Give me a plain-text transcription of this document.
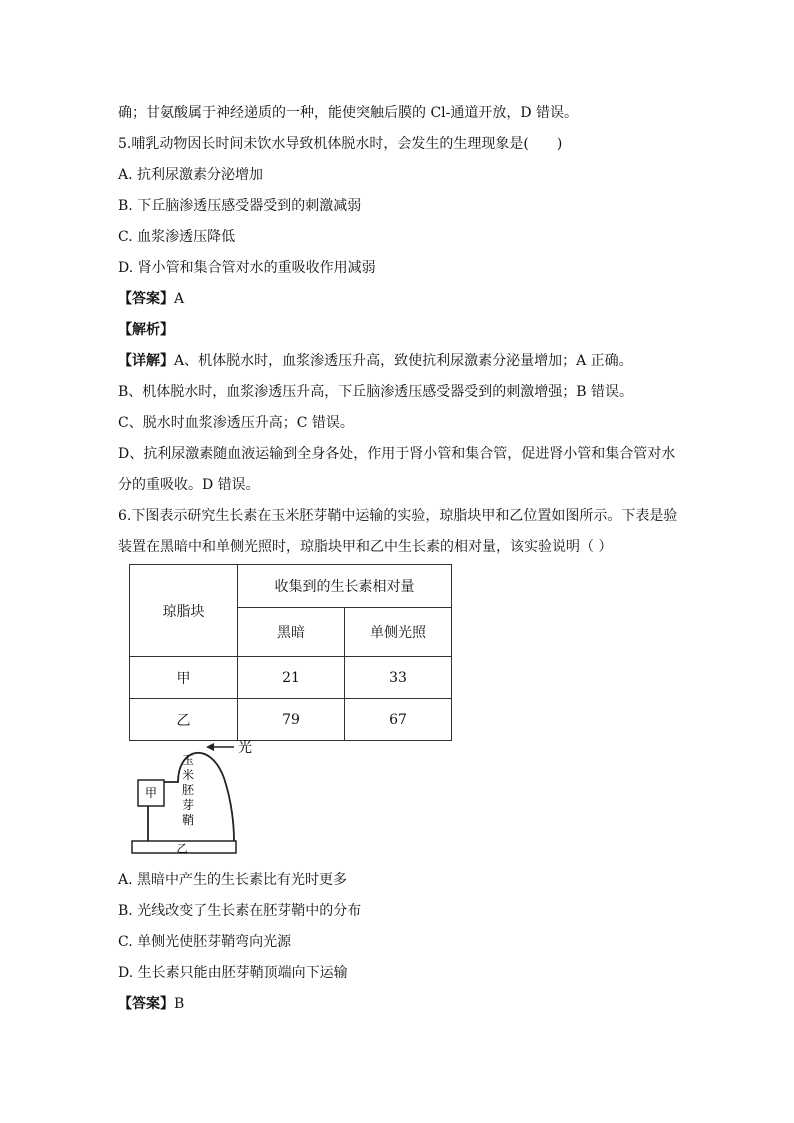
确；甘氨酸属于神经递质的一种，能使突触后膜的 Cl-通道开放，D 错误。
5.哺乳动物因长时间未饮水导致机体脱水时，会发生的生理现象是(　　)
A. 抗利尿激素分泌增加
B. 下丘脑渗透压感受器受到的刺激减弱
C. 血浆渗透压降低
D. 肾小管和集合管对水的重吸收作用减弱
【答案】A
【解析】
【详解】A、机体脱水时，血浆渗透压升高，致使抗利尿激素分泌量增加；A 正确。
B、机体脱水时，血浆渗透压升高，下丘脑渗透压感受器受到的刺激增强；B 错误。
C、脱水时血浆渗透压升高；C 错误。
D、抗利尿激素随血液运输到全身各处，作用于肾小管和集合管，促进肾小管和集合管对水
分的重吸收。D 错误。
6.下图表示研究生长素在玉米胚芽鞘中运输的实验，琼脂块甲和乙位置如图所示。下表是验
装置在黑暗中和单侧光照时，琼脂块甲和乙中生长素的相对量，该实验说明（ ）
琼脂块	收集到的生长素相对量	
	黑暗	单侧光照
甲	21	33
乙	79	67
乙
甲
玉
米
胚
芽
鞘
光
A. 黑暗中产生的生长素比有光时更多
B. 光线改变了生长素在胚芽鞘中的分布
C. 单侧光使胚芽鞘弯向光源
D. 生长素只能由胚芽鞘顶端向下运输
【答案】B
